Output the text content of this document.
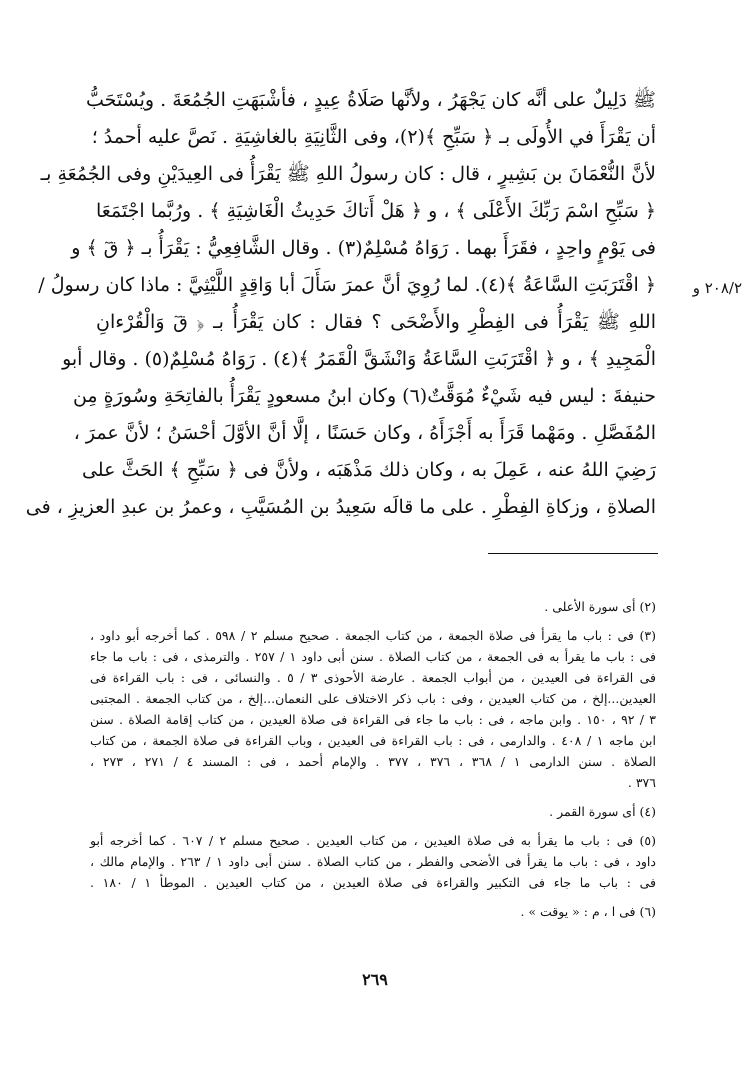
ﷺ دَلِيلٌ على أنَّه كان يَجْهَرُ ، ولأنَّها صَلَاةُ عِيدٍ ، فأشْبَهَتِ الجُمُعَةَ . ويُسْتَحَبُّ
أن يَقْرَأَ في الأُولَى بـ ﴿ سَبِّحِ ﴾(٢)، وفى الثَّانِيَةِ بالغاشِيَةِ . نَصَّ عليه أحمدُ ؛
لأنَّ النُّعْمَانَ بن بَشِيرٍ ، قال : كان رسولُ اللهِ ﷺ يَقْرَأُ فى العِيدَيْنِ وفى الجُمُعَةِ بـ
﴿ سَبِّحِ اسْمَ رَبِّكَ الأَعْلَى ﴾ ، و ﴿ هَلْ أَتاكَ حَدِيثُ الْغَاشِيَةِ ﴾ . ورُبَّما اجْتَمَعَا
فى يَوْمٍ واحِدٍ ، فقَرَأَ بهما . رَوَاهُ مُسْلِمٌ(٣) . وقال الشَّافِعِيُّ : يَقْرَأُ بـ ﴿ قٓ ﴾ و
﴿ اقْتَرَبَتِ السَّاعَةُ ﴾(٤). لما رُوِيَ أنَّ عمرَ سَأَلَ أبا وَاقِدٍ اللَّيْثِيَّ : ماذا كان رسولُ /
اللهِ ﷺ يَقْرَأُ فى الفِطْرِ والأَضْحَى ؟ فقال : كان يَقْرَأُ بـ ﴿ قٓ وَالْقُرْءانِ
الْمَجِيدِ ﴾ ، و ﴿ اقْتَرَبَتِ السَّاعَةُ وَانْشَقَّ الْقَمَرُ ﴾(٤) . رَوَاهُ مُسْلِمٌ(٥) . وقال أبو
حنيفةَ : ليس فيه شَيْءٌ مُوَقَّتٌ(٦) وكان ابنُ مسعودٍ يَقْرَأُ بالفاتِحَةِ وسُورَةٍ مِن
المُفَصَّلِ . ومَهْما قَرَأَ به أَجْزَأَهُ ، وكان حَسَنًا ، إلَّا أنَّ الأوَّلَ أحْسَنُ ؛ لأنَّ عمرَ ،
رَضِيَ اللهُ عنه ، عَمِلَ به ، وكان ذلك مَذْهَبَه ، ولأنَّ فى ﴿ سَبِّحِ ﴾ الحَثَّ على
الصلاةِ ، وزكاةِ الفِطْرِ . على ما قالَه سَعِيدُ بن المُسَيَّبِ ، وعمرُ بن عبدِ العزيزِ ، فى
٢٠٨/٢ و
(٢) أى سورة الأعلى .
(٣) فى : باب ما يقرأ فى صلاة الجمعة ، من كتاب الجمعة . صحيح مسلم ٢ / ٥٩٨ . كما أخرجه أبو داود ،
فى : باب ما يقرأ به فى الجمعة ، من كتاب الصلاة . سنن أبى داود ١ / ٢٥٧ . والترمذى ، فى : باب ما جاء
فى القراءة فى العيدين ، من أبواب الجمعة . عارضة الأحوذى ٣ / ٥ . والنسائى ، فى : باب القراءة فى
العيدين...إلخ ، من كتاب العيدين ، وفى : باب ذكر الاختلاف على النعمان...إلخ ، من كتاب الجمعة . المجتبى
٣ / ٩٢ ، ١٥٠ . وابن ماجه ، فى : باب ما جاء فى القراءة فى صلاة العيدين ، من كتاب إقامة الصلاة . سنن
ابن ماجه ١ / ٤٠٨ . والدارمى ، فى : باب القراءة فى العيدين ، وباب القراءة فى صلاة الجمعة ، من كتاب
الصلاة . سنن الدارمى ١ / ٣٦٨ ، ٣٧٦ ، ٣٧٧ . والإمام أحمد ، فى : المسند ٤ / ٢٧١ ، ٢٧٣ ،
٣٧٦ .
(٤) أى سورة القمر .
(٥) فى : باب ما يقرأ به فى صلاة العيدين ، من كتاب العيدين . صحيح مسلم ٢ / ٦٠٧ . كما أخرجه أبو
داود ، فى : باب ما يقرأ فى الأضحى والفطر ، من كتاب الصلاة . سنن أبى داود ١ / ٢٦٣ . والإمام مالك ،
فى : باب ما جاء فى التكبير والقراءة فى صلاة العيدين ، من كتاب العيدين . الموطأ ١ / ١٨٠ .
(٦) فى ا ، م : « يوقت » .
٢٦٩
